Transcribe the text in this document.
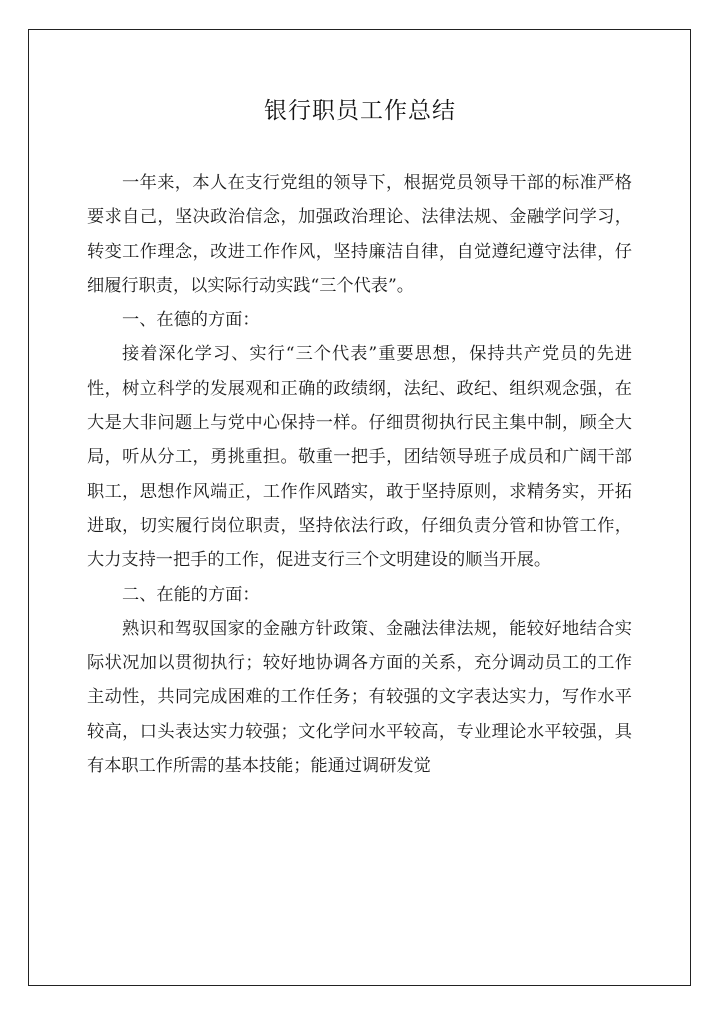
银行职员工作总结

一年来，本人在支行党组的领导下，根据党员领导干部的标准严格要求自己，坚决政治信念，加强政治理论、法律法规、金融学问学习，转变工作理念，改进工作作风，坚持廉洁自律，自觉遵纪遵守法律，仔细履行职责，以实际行动实践“三个代表”。

一、在德的方面：

接着深化学习、实行“三个代表”重要思想，保持共产党员的先进性，树立科学的发展观和正确的政绩纲，法纪、政纪、组织观念强，在大是大非问题上与党中心保持一样。仔细贯彻执行民主集中制，顾全大局，听从分工，勇挑重担。敬重一把手，团结领导班子成员和广阔干部职工，思想作风端正，工作作风踏实，敢于坚持原则，求精务实，开拓进取，切实履行岗位职责，坚持依法行政，仔细负责分管和协管工作，大力支持一把手的工作，促进支行三个文明建设的顺当开展。

二、在能的方面：

熟识和驾驭国家的金融方针政策、金融法律法规，能较好地结合实际状况加以贯彻执行；较好地协调各方面的关系，充分调动员工的工作主动性，共同完成困难的工作任务；有较强的文字表达实力，写作水平较高，口头表达实力较强；文化学问水平较高，专业理论水平较强，具有本职工作所需的基本技能；能通过调研发觉
